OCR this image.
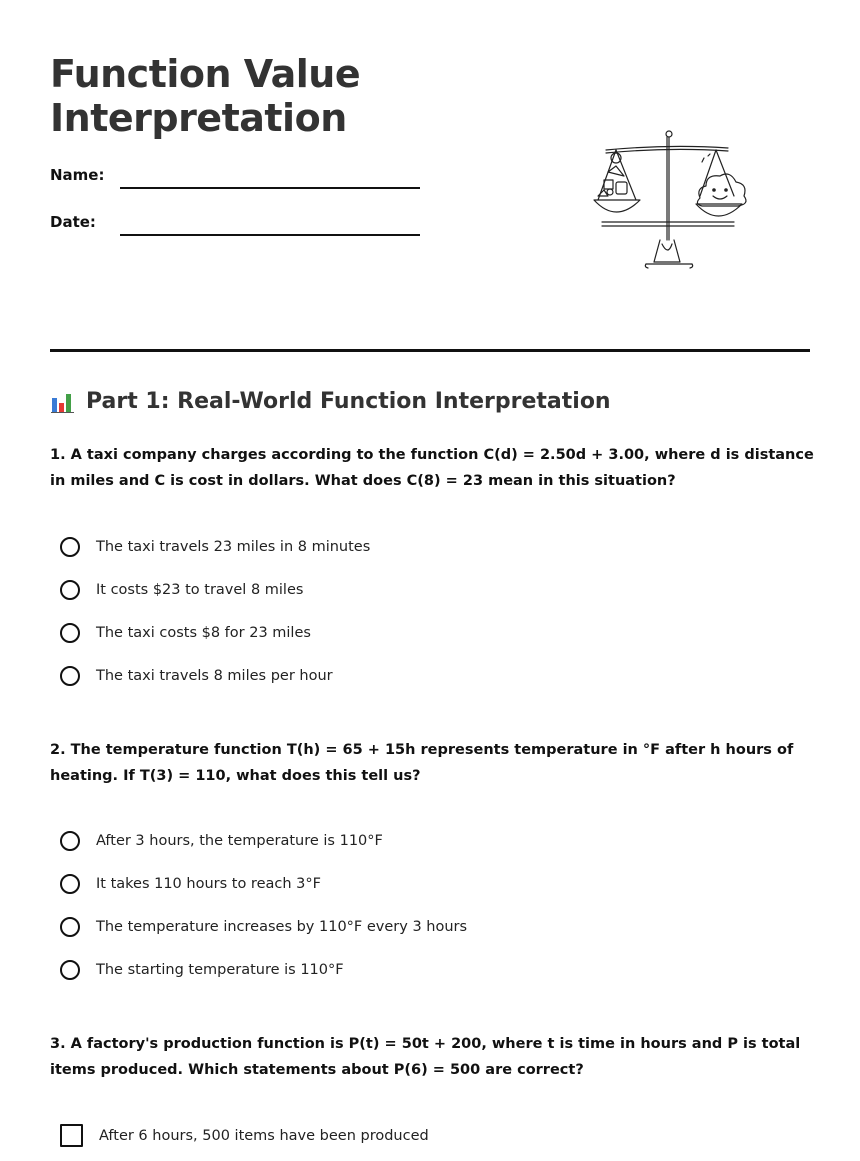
Function Value Interpretation
Name:
Date:
Part 1: Real-World Function Interpretation
1. A taxi company charges according to the function C(d) = 2.50d + 3.00, where d is distance in miles and C is cost in dollars. What does C(8) = 23 mean in this situation?
The taxi travels 23 miles in 8 minutes
It costs $23 to travel 8 miles
The taxi costs $8 for 23 miles
The taxi travels 8 miles per hour
2. The temperature function T(h) = 65 + 15h represents temperature in °F after h hours of heating. If T(3) = 110, what does this tell us?
After 3 hours, the temperature is 110°F
It takes 110 hours to reach 3°F
The temperature increases by 110°F every 3 hours
The starting temperature is 110°F
3. A factory's production function is P(t) = 50t + 200, where t is time in hours and P is total items produced. Which statements about P(6) = 500 are correct?
After 6 hours, 500 items have been produced
